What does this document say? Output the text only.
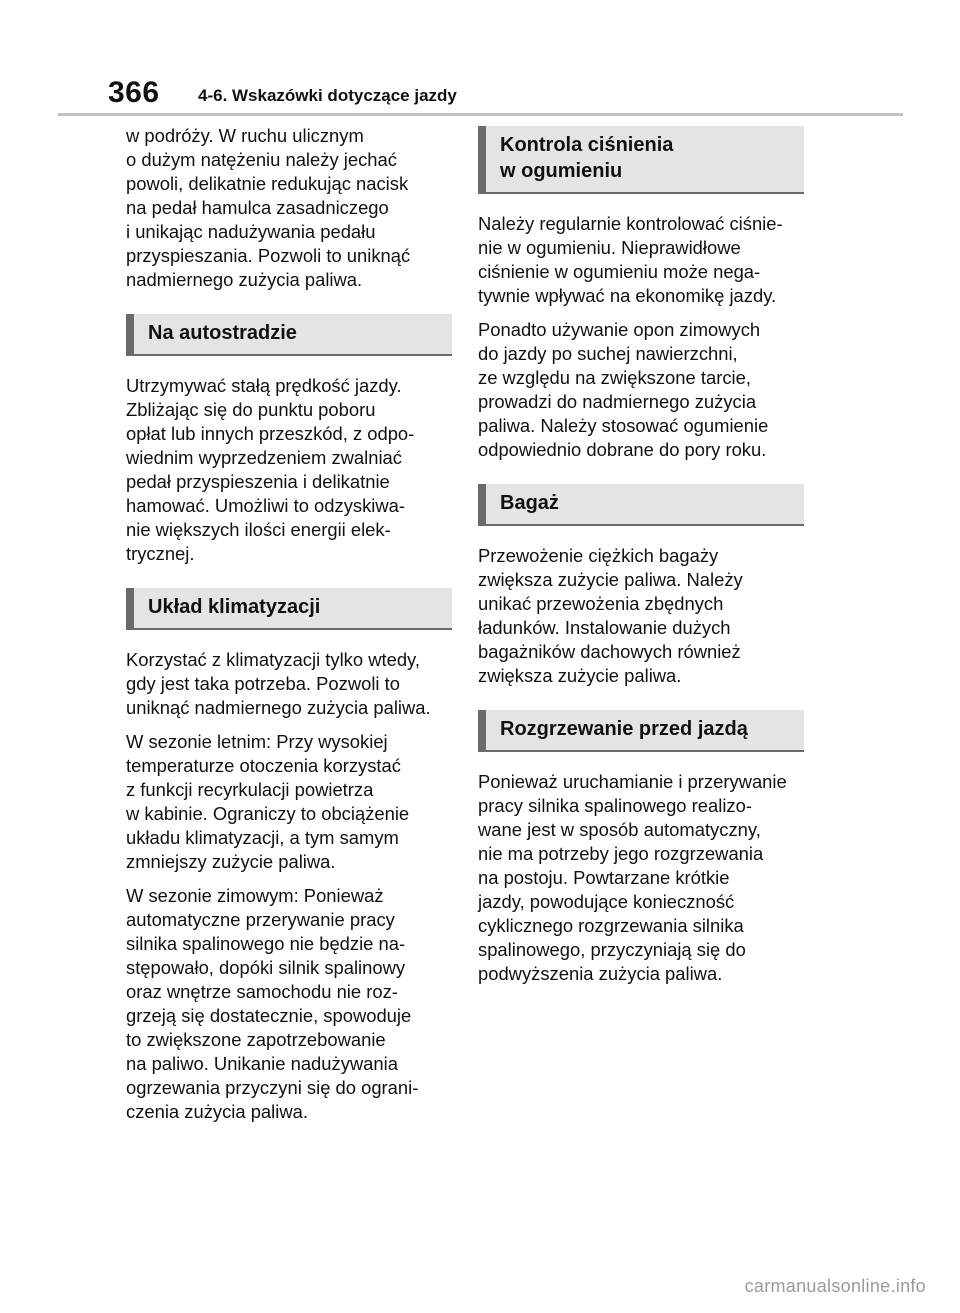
366 4-6. Wskazówki dotyczące jazdy
w podróży. W ruchu ulicznym
o dużym natężeniu należy jechać
powoli, delikatnie redukując nacisk
na pedał hamulca zasadniczego
i unikając nadużywania pedału
przyspieszania. Pozwoli to uniknąć
nadmiernego zużycia paliwa.
Na autostradzie
Utrzymywać stałą prędkość jazdy.
Zbliżając się do punktu poboru
opłat lub innych przeszkód, z odpo-
wiednim wyprzedzeniem zwalniać
pedał przyspieszenia i delikatnie
hamować. Umożliwi to odzyskiwa-
nie większych ilości energii elek-
trycznej.
Układ klimatyzacji
Korzystać z klimatyzacji tylko wtedy,
gdy jest taka potrzeba. Pozwoli to
uniknąć nadmiernego zużycia paliwa.
W sezonie letnim: Przy wysokiej
temperaturze otoczenia korzystać
z funkcji recyrkulacji powietrza
w kabinie. Ograniczy to obciążenie
układu klimatyzacji, a tym samym
zmniejszy zużycie paliwa.
W sezonie zimowym: Ponieważ
automatyczne przerywanie pracy
silnika spalinowego nie będzie na-
stępowało, dopóki silnik spalinowy
oraz wnętrze samochodu nie roz-
grzeją się dostatecznie, spowoduje
to zwiększone zapotrzebowanie
na paliwo. Unikanie nadużywania
ogrzewania przyczyni się do ograni-
czenia zużycia paliwa.
Kontrola ciśnienia
w ogumieniu
Należy regularnie kontrolować ciśnie-
nie w ogumieniu. Nieprawidłowe
ciśnienie w ogumieniu może nega-
tywnie wpływać na ekonomikę jazdy.
Ponadto używanie opon zimowych
do jazdy po suchej nawierzchni,
ze względu na zwiększone tarcie,
prowadzi do nadmiernego zużycia
paliwa. Należy stosować ogumienie
odpowiednio dobrane do pory roku.
Bagaż
Przewożenie ciężkich bagaży
zwiększa zużycie paliwa. Należy
unikać przewożenia zbędnych
ładunków. Instalowanie dużych
bagażników dachowych również
zwiększa zużycie paliwa.
Rozgrzewanie przed jazdą
Ponieważ uruchamianie i przerywanie
pracy silnika spalinowego realizo-
wane jest w sposób automatyczny,
nie ma potrzeby jego rozgrzewania
na postoju. Powtarzane krótkie
jazdy, powodujące konieczność
cyklicznego rozgrzewania silnika
spalinowego, przyczyniają się do
podwyższenia zużycia paliwa.
carmanualsonline.info
